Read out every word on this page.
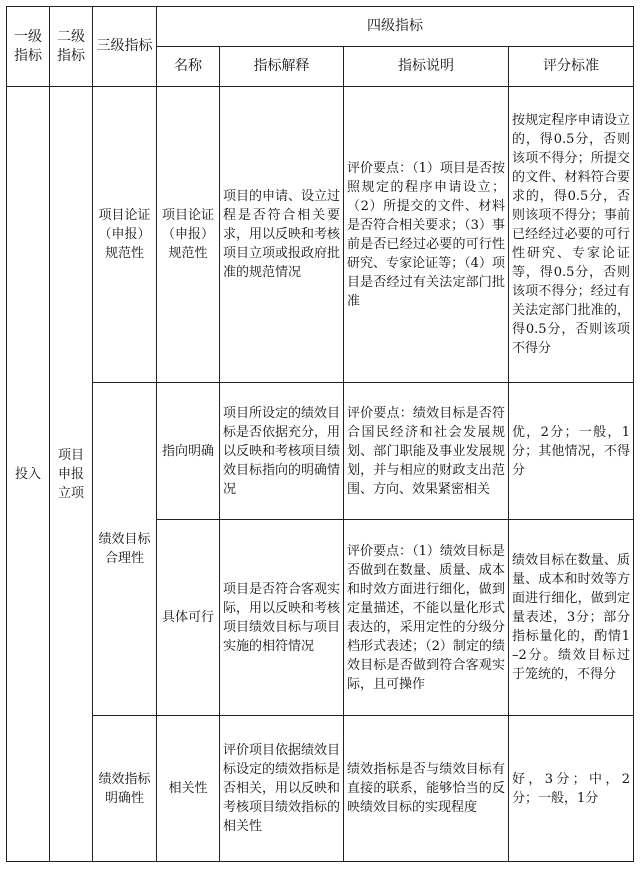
一级指标	二级指标	三级指标	四级指标			
			名称	指标解释	指标说明	评分标准
投入	项目申报立项	项目论证（申报）规范性	项目论证（申报）规范性	项目的申请、设立过程是否符合相关要求，用以反映和考核项目立项或报政府批准的规范情况	评价要点：（1）项目是否按照规定的程序申请设立；（2）所提交的文件、材料是否符合相关要求；（3）事前是否已经过必要的可行性研究、专家论证等；（4）项目是否经过有关法定部门批准	按规定程序申请设立的，得0.5分，否则该项不得分；所提交的文件、材料符合要求的，得0.5分，否则该项不得分；事前已经经过必要的可行性研究、专家论证等，得0.5分，否则该项不得分；经过有关法定部门批准的，得0.5分，否则该项不得分
		绩效目标合理性	指向明确	项目所设定的绩效目标是否依据充分，用以反映和考核项目绩效目标指向的明确情况	评价要点：绩效目标是否符合国民经济和社会发展规划、部门职能及事业发展规划，并与相应的财政支出范围、方向、效果紧密相关	优，2分；一般，1分；其他情况，不得分
			具体可行	项目是否符合客观实际，用以反映和考核项目绩效目标与项目实施的相符情况	评价要点：（1）绩效目标是否做到在数量、质量、成本和时效方面进行细化，做到定量描述，不能以量化形式表达的，采用定性的分级分档形式表述；（2）制定的绩效目标是否做到符合客观实际，且可操作	绩效目标在数量、质量、成本和时效等方面进行细化，做到定量表述，3分；部分指标量化的，酌情1–2分。绩效目标过于笼统的，不得分
		绩效指标明确性	相关性	评价项目依据绩效目标设定的绩效指标是否相关，用以反映和考核项目绩效指标的相关性	绩效指标是否与绩效目标有直接的联系，能够恰当的反映绩效目标的实现程度	好，3分；中，2分；一般，1分
